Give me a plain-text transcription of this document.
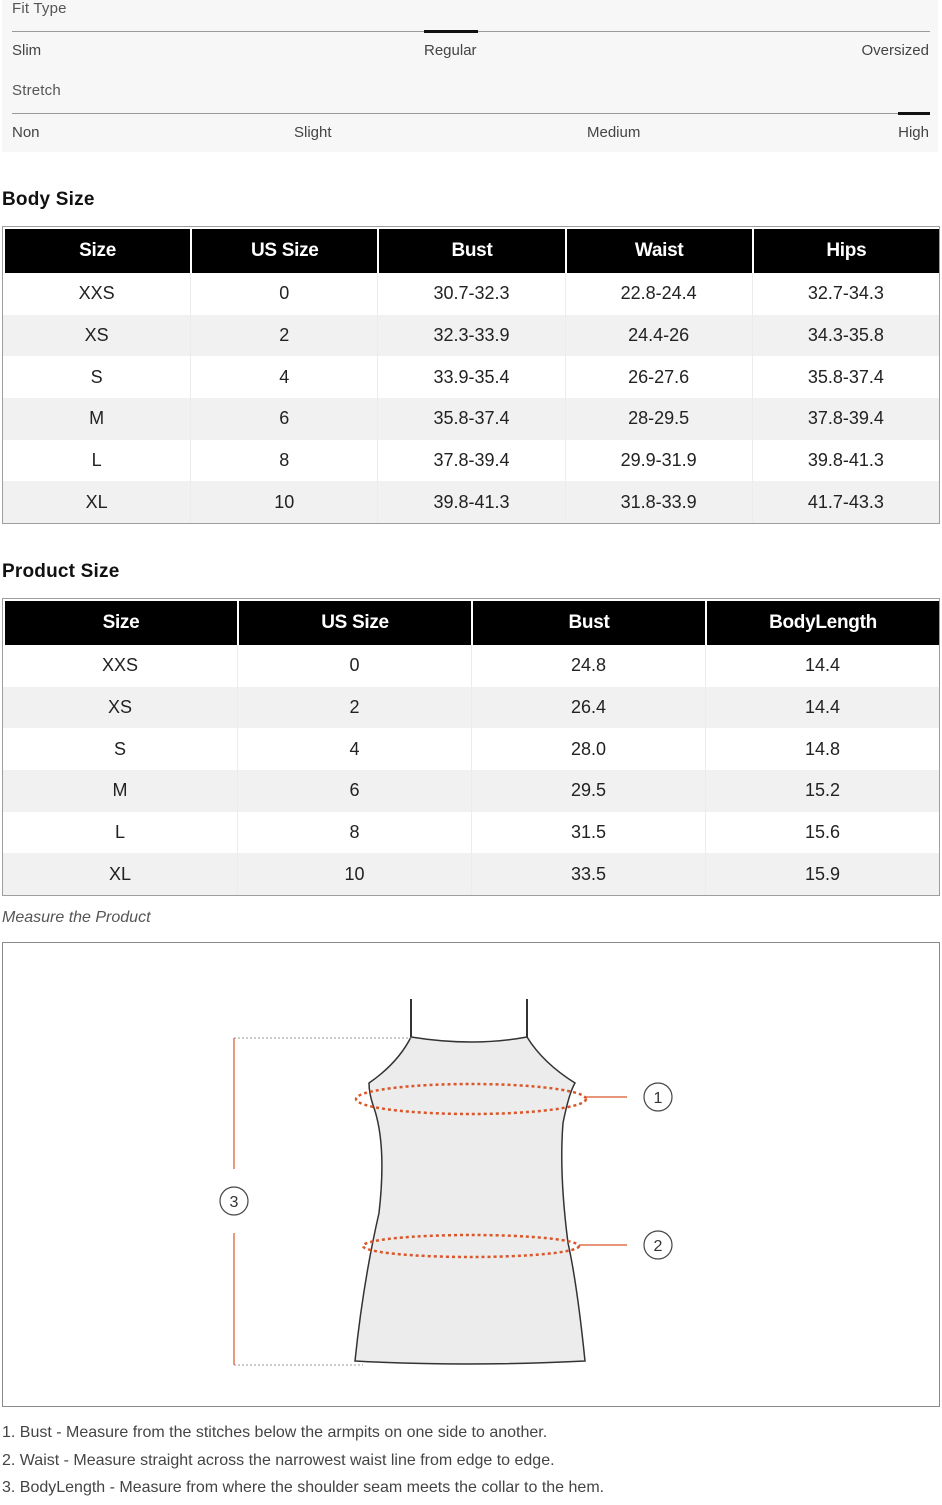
Fit Type
Slim	Regular	Oversized
Stretch
Non	Slight	Medium	High
Body Size
Size	US Size	Bust	Waist	Hips
XXS	0	30.7-32.3	22.8-24.4	32.7-34.3
XS	2	32.3-33.9	24.4-26	34.3-35.8
S	4	33.9-35.4	26-27.6	35.8-37.4
M	6	35.8-37.4	28-29.5	37.8-39.4
L	8	37.8-39.4	29.9-31.9	39.8-41.3
XL	10	39.8-41.3	31.8-33.9	41.7-43.3
Product Size
Size	US Size	Bust	BodyLength
XXS	0	24.8	14.4
XS	2	26.4	14.4
S	4	28.0	14.8
M	6	29.5	15.2
L	8	31.5	15.6
XL	10	33.5	15.9
Measure the Product
1
2
3
1. Bust - Measure from the stitches below the armpits on one side to another.
2. Waist - Measure straight across the narrowest waist line from edge to edge.
3. BodyLength - Measure from where the shoulder seam meets the collar to the hem.
